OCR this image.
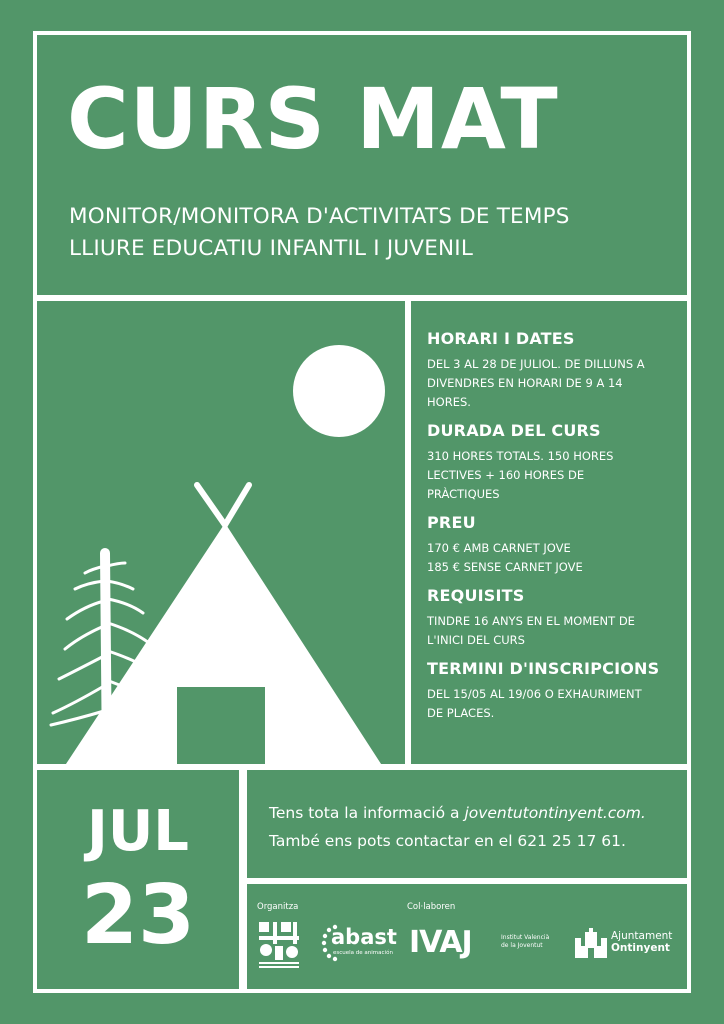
CURS MAT
MONITOR/MONITORA D'ACTIVITATS DE TEMPS
LLIURE EDUCATIU INFANTIL I JUVENIL
HORARI I DATES

DEL 3 AL 28 DE JULIOL. DE DILLUNS A

DIVENDRES EN HORARI DE 9 A 14

HORES.

DURADA DEL CURS

310 HORES TOTALS. 150 HORES

LECTIVES + 160 HORES DE

PRÀCTIQUES

PREU

170 € AMB CARNET JOVE

185 € SENSE CARNET JOVE

REQUISITS

TINDRE 16 ANYS EN EL MOMENT DE

L'INICI DEL CURS

TERMINI D'INSCRIPCIONS

DEL 15/05 AL 19/06 O EXHAURIMENT

DE PLACES.

JUL
23

Tens tota la informació a joventutontinyent.com.

També ens pots contactar en el 621 25 17 61.

Organitza	Col·laboren
abast
escuela de animación IVAJ	Institut Valencià
de la Joventut
Ajuntament
Ontinyent
